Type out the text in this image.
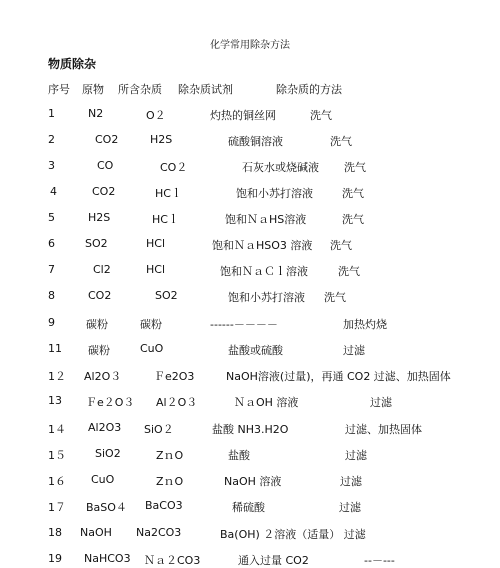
化学常用除杂方法
物质除杂
序号 原物 所含杂质 除杂质试剂	除杂质的方法
1	N2	O２	灼热的铜丝网	洗气
2	CO2	H2S	硫酸铜溶液	洗气
3	CO	CO２	石灰水或烧碱液 洗气
4	CO2	HCｌ	饱和小苏打溶液	洗气
5	H2S	HCｌ	饱和ＮａHS溶液	洗气
6	SO2	HCl	饱和ＮａHSO3 溶液 洗气
7	Cl2	HCl	饱和ＮａＣｌ溶液	洗气
8	CO2	SO2	饱和小苏打溶液 洗气
9	碳粉	碳粉	------－－－－	加热灼烧
11 碳粉	CuO	盐酸或硫酸	过滤
1２ Al2O３	Ｆe2O3	NaOH溶液(过量)，再通 CO2 过滤、加热固体
13 Ｆe２O３ Al２O３	ＮａOH 溶液	过滤
1４ Al2O3 SiO２	盐酸 NH3.H2O	过滤、加热固体
1５	SiO2	ZｎO	盐酸	过滤
1６ CuO	ZｎO	NaOH 溶液	过滤
1７ BaSO４ BaCO3	稀硫酸	过滤
18 NaOH Na2CO3	Ba(OH) ２溶液（适量） 过滤
19 NaHCO3 Ｎａ２CO3	通入过量 CO2	--－---
